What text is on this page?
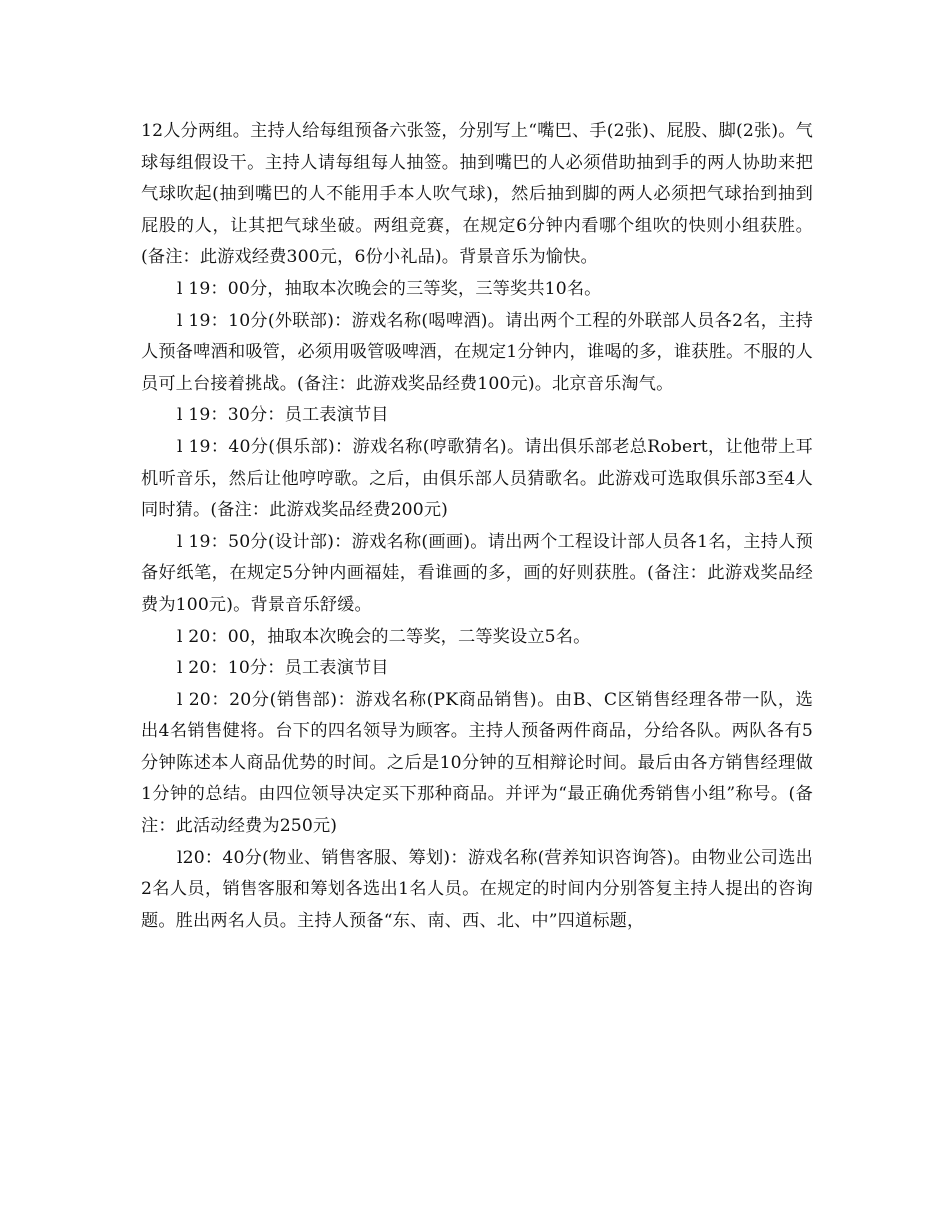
12人分两组。主持人给每组预备六张签，分别写上“嘴巴、手(2张)、屁股、脚(2张)。气球每组假设干。主持人请每组每人抽签。抽到嘴巴的人必须借助抽到手的两人协助来把气球吹起(抽到嘴巴的人不能用手本人吹气球)，然后抽到脚的两人必须把气球抬到抽到屁股的人，让其把气球坐破。两组竞赛，在规定6分钟内看哪个组吹的快则小组获胜。(备注：此游戏经费300元，6份小礼品)。背景音乐为愉快。

l 19：00分，抽取本次晚会的三等奖，三等奖共10名。

l 19：10分(外联部)：游戏名称(喝啤酒)。请出两个工程的外联部人员各2名，主持人预备啤酒和吸管，必须用吸管吸啤酒，在规定1分钟内，谁喝的多，谁获胜。不服的人员可上台接着挑战。(备注：此游戏奖品经费100元)。北京音乐淘气。

l 19：30分：员工表演节目

l 19：40分(俱乐部)：游戏名称(哼歌猜名)。请出俱乐部老总Robert，让他带上耳机听音乐，然后让他哼哼歌。之后，由俱乐部人员猜歌名。此游戏可选取俱乐部3至4人同时猜。(备注：此游戏奖品经费200元)

l 19：50分(设计部)：游戏名称(画画)。请出两个工程设计部人员各1名，主持人预备好纸笔，在规定5分钟内画福娃，看谁画的多，画的好则获胜。(备注：此游戏奖品经费为100元)。背景音乐舒缓。

l 20：00，抽取本次晚会的二等奖，二等奖设立5名。

l 20：10分：员工表演节目

l 20：20分(销售部)：游戏名称(PK商品销售)。由B、C区销售经理各带一队，选出4名销售健将。台下的四名领导为顾客。主持人预备两件商品，分给各队。两队各有5分钟陈述本人商品优势的时间。之后是10分钟的互相辩论时间。最后由各方销售经理做1分钟的总结。由四位领导决定买下那种商品。并评为“最正确优秀销售小组”称号。(备注：此活动经费为250元)

l20：40分(物业、销售客服、筹划)：游戏名称(营养知识咨询答)。由物业公司选出2名人员，销售客服和筹划各选出1名人员。在规定的时间内分别答复主持人提出的咨询题。胜出两名人员。主持人预备“东、南、西、北、中”四道标题，
